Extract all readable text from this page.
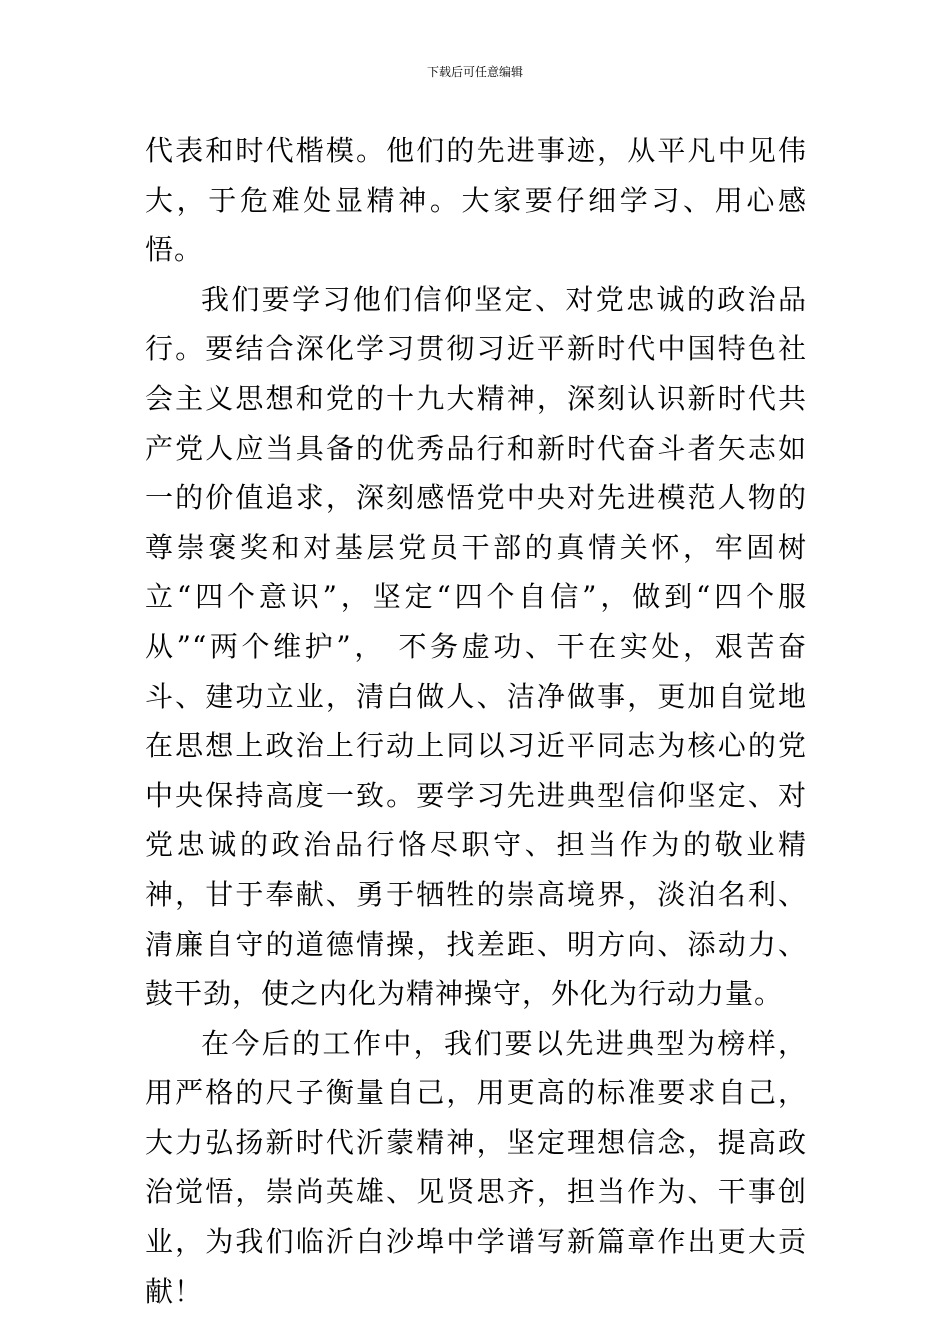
下载后可任意编辑

代表和时代楷模。他们的先进事迹，从平凡中见伟大，于危难处显精神。大家要仔细学习、用心感悟。

我们要学习他们信仰坚定、对党忠诚的政治品行。要结合深化学习贯彻习近平新时代中国特色社会主义思想和党的十九大精神，深刻认识新时代共产党人应当具备的优秀品行和新时代奋斗者矢志如一的价值追求，深刻感悟党中央对先进模范人物的尊崇褒奖和对基层党员干部的真情关怀，牢固树立“四个意识”，坚定“四个自信”，做到“四个服从”“两个维护”， 不务虚功、干在实处，艰苦奋斗、建功立业，清白做人、洁净做事，更加自觉地在思想上政治上行动上同以习近平同志为核心的党中央保持高度一致。要学习先进典型信仰坚定、对党忠诚的政治品行恪尽职守、担当作为的敬业精神，甘于奉献、勇于牺牲的崇高境界，淡泊名利、清廉自守的道德情操，找差距、明方向、添动力、鼓干劲，使之内化为精神操守，外化为行动力量。

在今后的工作中，我们要以先进典型为榜样，用严格的尺子衡量自己，用更高的标准要求自己，大力弘扬新时代沂蒙精神，坚定理想信念，提高政治觉悟，崇尚英雄、见贤思齐，担当作为、干事创业，为我们临沂白沙埠中学谱写新篇章作出更大贡献！
